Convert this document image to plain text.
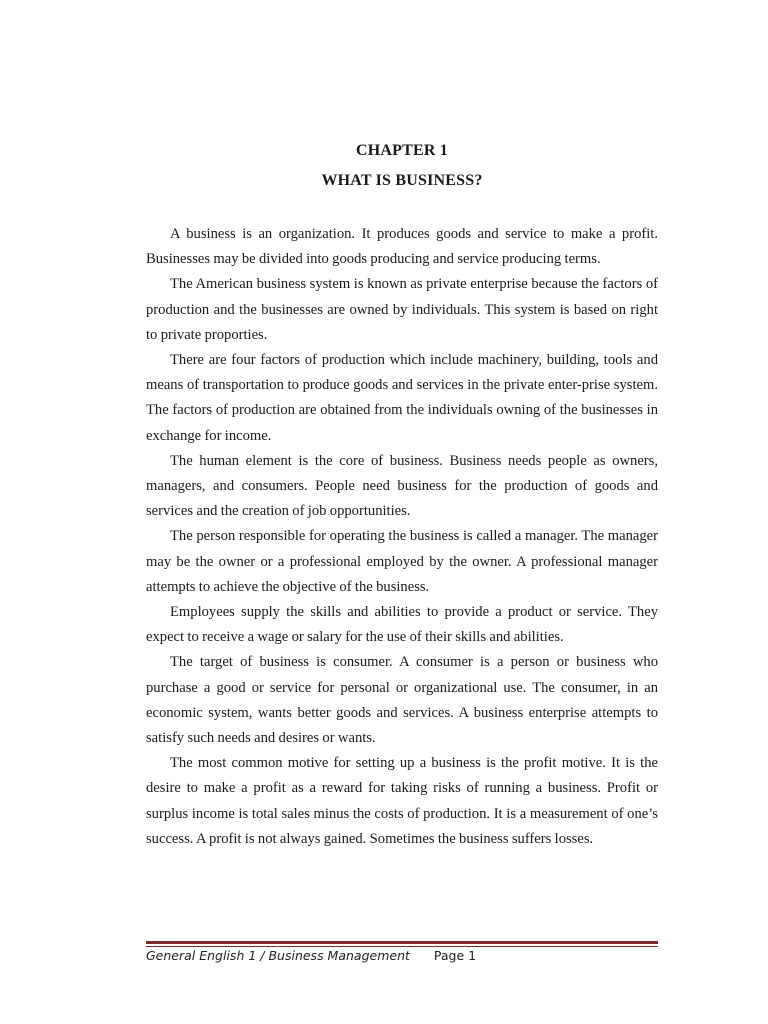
CHAPTER 1
WHAT IS BUSINESS?

A business is an organization. It produces goods and service to make a profit. Businesses may be divided into goods producing and service producing terms.

The American business system is known as private enterprise because the factors of production and the businesses are owned by individuals. This system is based on right to private proporties.

There are four factors of production which include machinery, building, tools and means of transportation to produce goods and services in the private enter-prise system. The factors of production are obtained from the individuals owning of the businesses in exchange for income.

The human element is the core of business. Business needs people as owners, managers, and consumers. People need business for the production of goods and services and the creation of job opportunities.

The person responsible for operating the business is called a manager. The manager may be the owner or a professional employed by the owner. A professional manager attempts to achieve the objective of the business.

Employees supply the skills and abilities to provide a product or service. They expect to receive a wage or salary for the use of their skills and abilities.

The target of business is consumer. A consumer is a person or business who purchase a good or service for personal or organizational use. The consumer, in an economic system, wants better goods and services. A business enterprise attempts to satisfy such needs and desires or wants.

The most common motive for setting up a business is the profit motive. It is the desire to make a profit as a reward for taking risks of running a business. Profit or surplus income is total sales minus the costs of production. It is a measurement of one’s success. A profit is not always gained. Sometimes the business suffers losses.

General English 1 / Business Management Page 1
